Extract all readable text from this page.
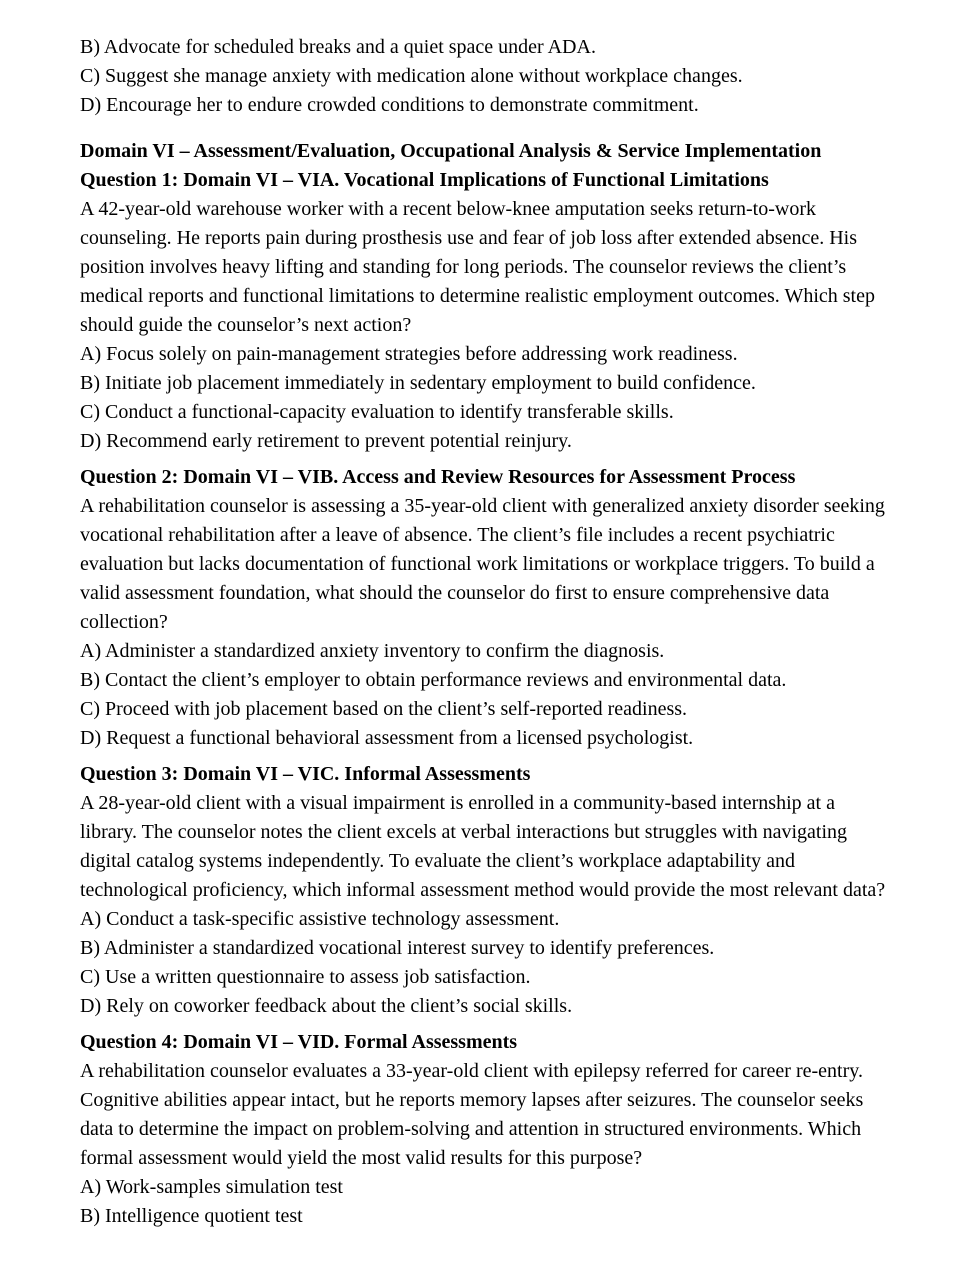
B) Advocate for scheduled breaks and a quiet space under ADA.
C) Suggest she manage anxiety with medication alone without workplace changes.
D) Encourage her to endure crowded conditions to demonstrate commitment.
Domain VI – Assessment/Evaluation, Occupational Analysis & Service Implementation
Question 1: Domain VI – VIA. Vocational Implications of Functional Limitations
A 42-year-old warehouse worker with a recent below-knee amputation seeks return-to-work counseling. He reports pain during prosthesis use and fear of job loss after extended absence. His position involves heavy lifting and standing for long periods. The counselor reviews the client’s medical reports and functional limitations to determine realistic employment outcomes. Which step should guide the counselor’s next action?
A) Focus solely on pain-management strategies before addressing work readiness.
B) Initiate job placement immediately in sedentary employment to build confidence.
C) Conduct a functional-capacity evaluation to identify transferable skills.
D) Recommend early retirement to prevent potential reinjury.
Question 2: Domain VI – VIB. Access and Review Resources for Assessment Process
A rehabilitation counselor is assessing a 35-year-old client with generalized anxiety disorder seeking vocational rehabilitation after a leave of absence. The client’s file includes a recent psychiatric evaluation but lacks documentation of functional work limitations or workplace triggers. To build a valid assessment foundation, what should the counselor do first to ensure comprehensive data collection?
A) Administer a standardized anxiety inventory to confirm the diagnosis.
B) Contact the client’s employer to obtain performance reviews and environmental data.
C) Proceed with job placement based on the client’s self-reported readiness.
D) Request a functional behavioral assessment from a licensed psychologist.
Question 3: Domain VI – VIC. Informal Assessments
A 28-year-old client with a visual impairment is enrolled in a community-based internship at a library. The counselor notes the client excels at verbal interactions but struggles with navigating digital catalog systems independently. To evaluate the client’s workplace adaptability and technological proficiency, which informal assessment method would provide the most relevant data?
A) Conduct a task-specific assistive technology assessment.
B) Administer a standardized vocational interest survey to identify preferences.
C) Use a written questionnaire to assess job satisfaction.
D) Rely on coworker feedback about the client’s social skills.
Question 4: Domain VI – VID. Formal Assessments
A rehabilitation counselor evaluates a 33-year-old client with epilepsy referred for career re-entry. Cognitive abilities appear intact, but he reports memory lapses after seizures. The counselor seeks data to determine the impact on problem-solving and attention in structured environments. Which formal assessment would yield the most valid results for this purpose?
A) Work-samples simulation test
B) Intelligence quotient test
